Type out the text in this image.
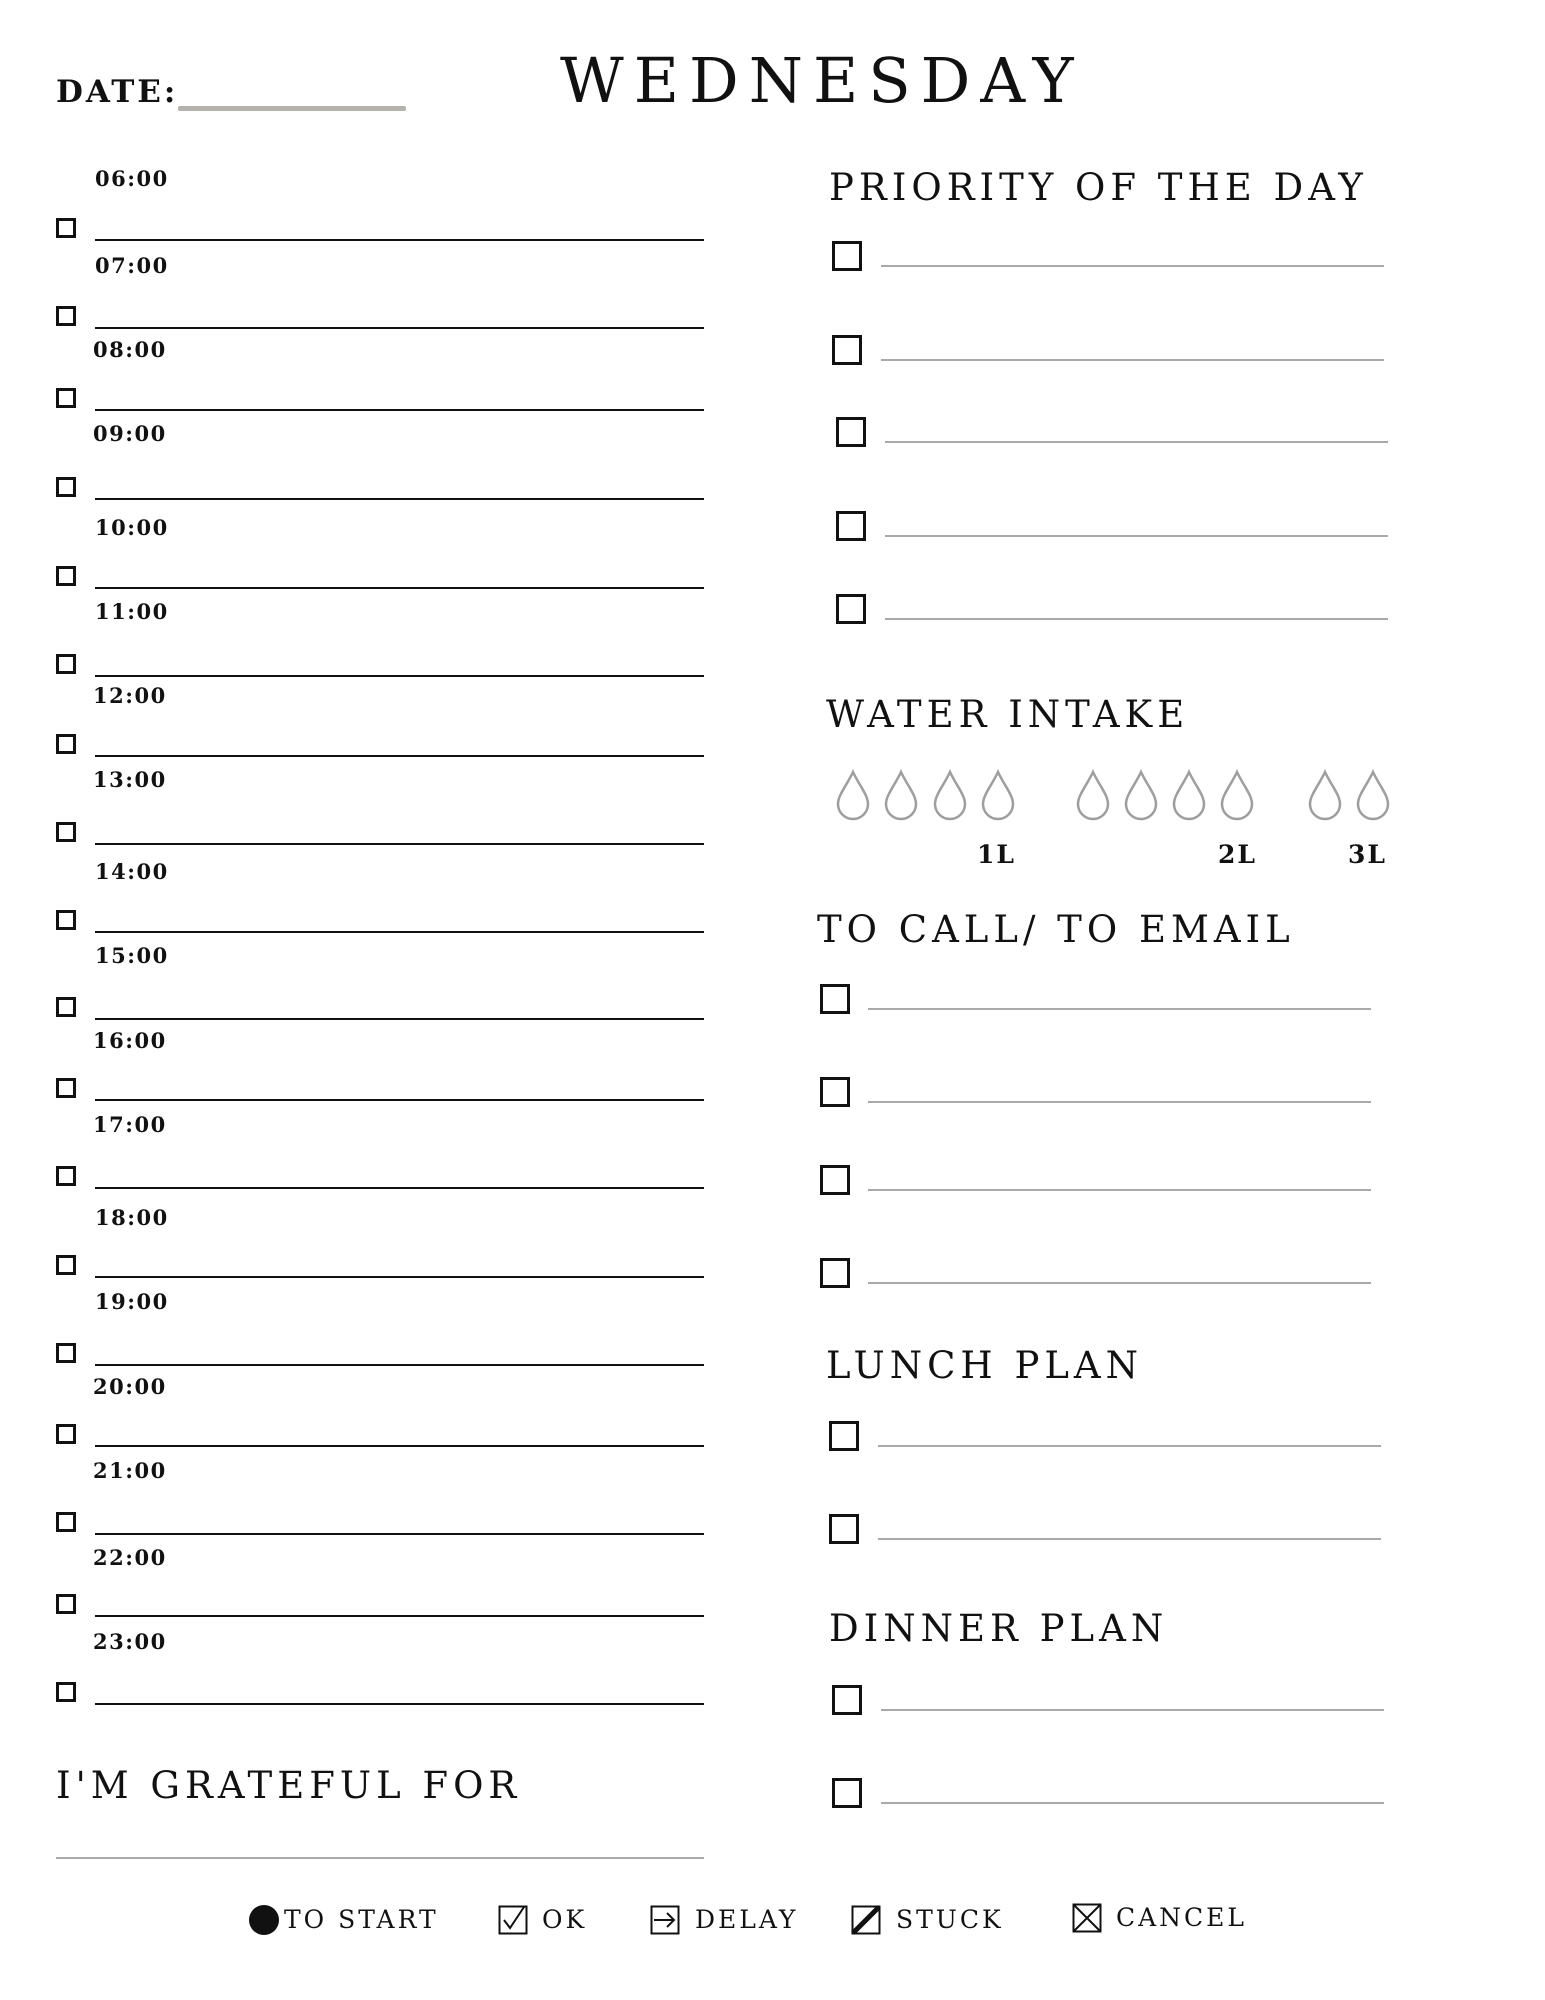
DATE:	WEDNESDAY
06:00
07:00
08:00
09:00
10:00
11:00
12:00
13:00
14:00
15:00
16:00
17:00
18:00
19:00
20:00
21:00
22:00
23:00
I'M GRATEFUL FOR
PRIORITY OF THE DAY
WATER INTAKE
1L	2L	3L
TO CALL/ TO EMAIL
LUNCH PLAN
DINNER PLAN
TO START	OK	DELAY	STUCK	CANCEL
